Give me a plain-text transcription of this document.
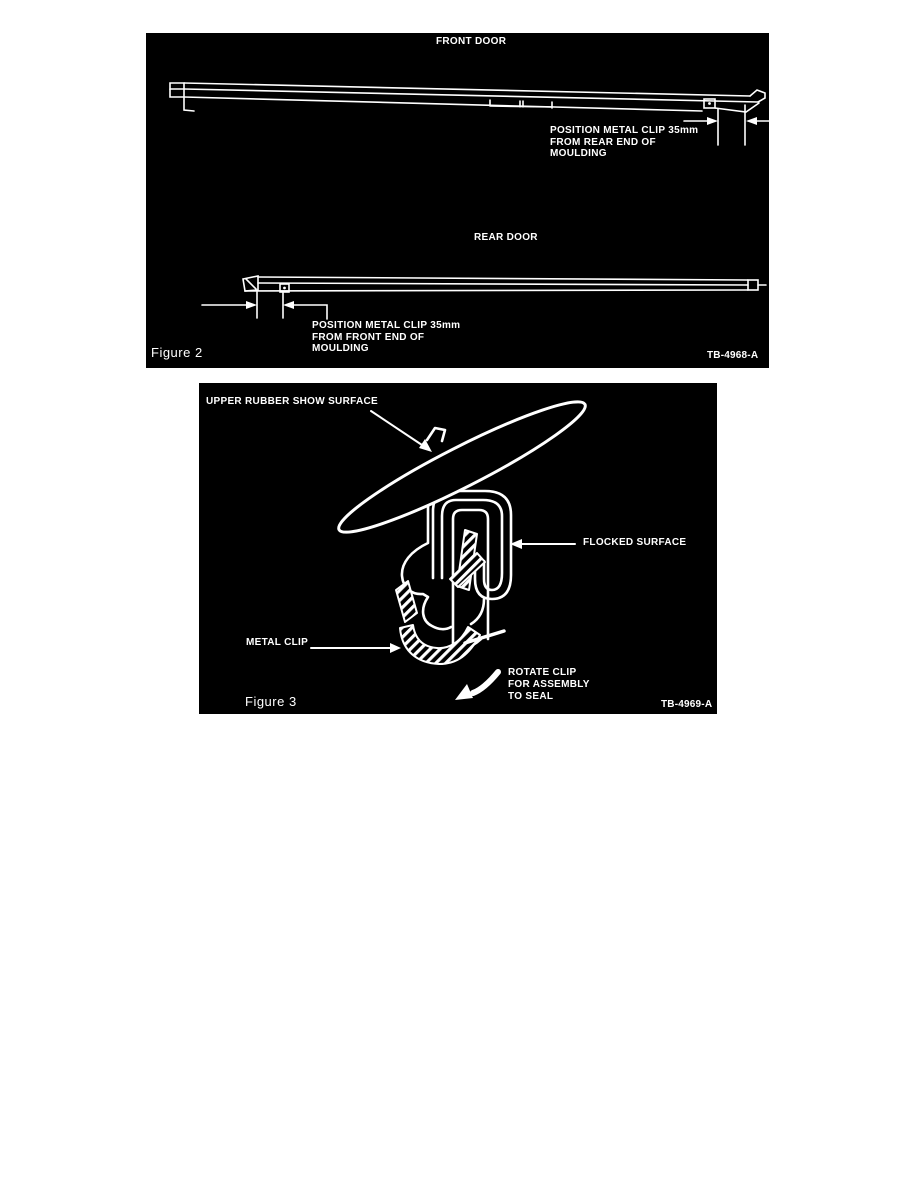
FRONT DOOR
POSITION METAL CLIP 35mm
FROM REAR END OF
MOULDING
REAR DOOR
POSITION METAL CLIP 35mm
FROM FRONT END OF
MOULDING
Figure 2	TB-4968-A
UPPER RUBBER SHOW SURFACE
FLOCKED SURFACE
METAL CLIP
ROTATE CLIP
FOR ASSEMBLY
TO SEAL
Figure 3	TB-4969-A
